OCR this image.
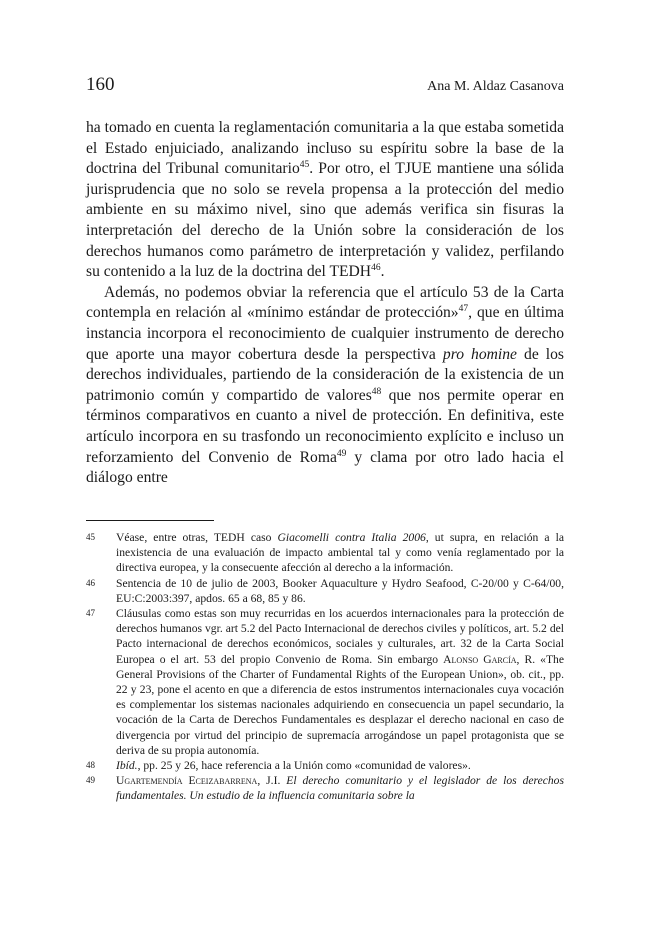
160	Ana M. Aldaz Casanova

ha tomado en cuenta la reglamentación comunitaria a la que estaba sometida el Estado enjuiciado, analizando incluso su espíritu sobre la base de la doctrina del Tribunal comunitario$^{45}$. Por otro, el TJUE mantiene una sólida jurisprudencia que no solo se revela propensa a la protección del medio ambiente en su máximo nivel, sino que además verifica sin fisuras la interpretación del derecho de la Unión sobre la consideración de los derechos humanos como parámetro de interpretación y validez, perfilando su contenido a la luz de la doctrina del TEDH$^{46}$.

Además, no podemos obviar la referencia que el artículo 53 de la Carta contempla en relación al «mínimo estándar de protección»$^{47}$, que en última instancia incorpora el reconocimiento de cualquier instrumento de derecho que aporte una mayor cobertura desde la perspectiva pro homine de los derechos individuales, partiendo de la consideración de la existencia de un patrimonio común y compartido de valores$^{48}$ que nos permite operar en términos comparativos en cuanto a nivel de protección. En definitiva, este artículo incorpora en su trasfondo un reconocimiento explícito e incluso un reforzamiento del Convenio de Roma$^{49}$ y clama por otro lado hacia el diálogo entre

45	Véase, entre otras, TEDH caso Giacomelli contra Italia 2006, ut supra, en relación a la inexistencia de una evaluación de impacto ambiental tal y como venía reglamentado por la directiva europea, y la consecuente afección al derecho a la información.
46	Sentencia de 10 de julio de 2003, Booker Aquaculture y Hydro Seafood, C-20/00 y C-64/00, EU:C:2003:397, apdos. 65 a 68, 85 y 86.
47	Cláusulas como estas son muy recurridas en los acuerdos internacionales para la protección de derechos humanos vgr. art 5.2 del Pacto Internacional de derechos civiles y políticos, art. 5.2 del Pacto internacional de derechos económicos, sociales y culturales, art. 32 de la Carta Social Europea o el art. 53 del propio Convenio de Roma. Sin embargo Alonso García, R. «The General Provisions of the Charter of Fundamental Rights of the European Union», ob. cit., pp. 22 y 23, pone el acento en que a diferencia de estos instrumentos internacionales cuya vocación es complementar los sistemas nacionales adquiriendo en consecuencia un papel secundario, la vocación de la Carta de Derechos Fundamentales es desplazar el derecho nacional en caso de divergencia por virtud del principio de supremacía arrogándose un papel protagonista que se deriva de su propia autonomía.
48	Ibíd., pp. 25 y 26, hace referencia a la Unión como «comunidad de valores».
49	Ugartemendía Eceizabarrena, J.I. El derecho comunitario y el legislador de los derechos fundamentales. Un estudio de la influencia comunitaria sobre la
